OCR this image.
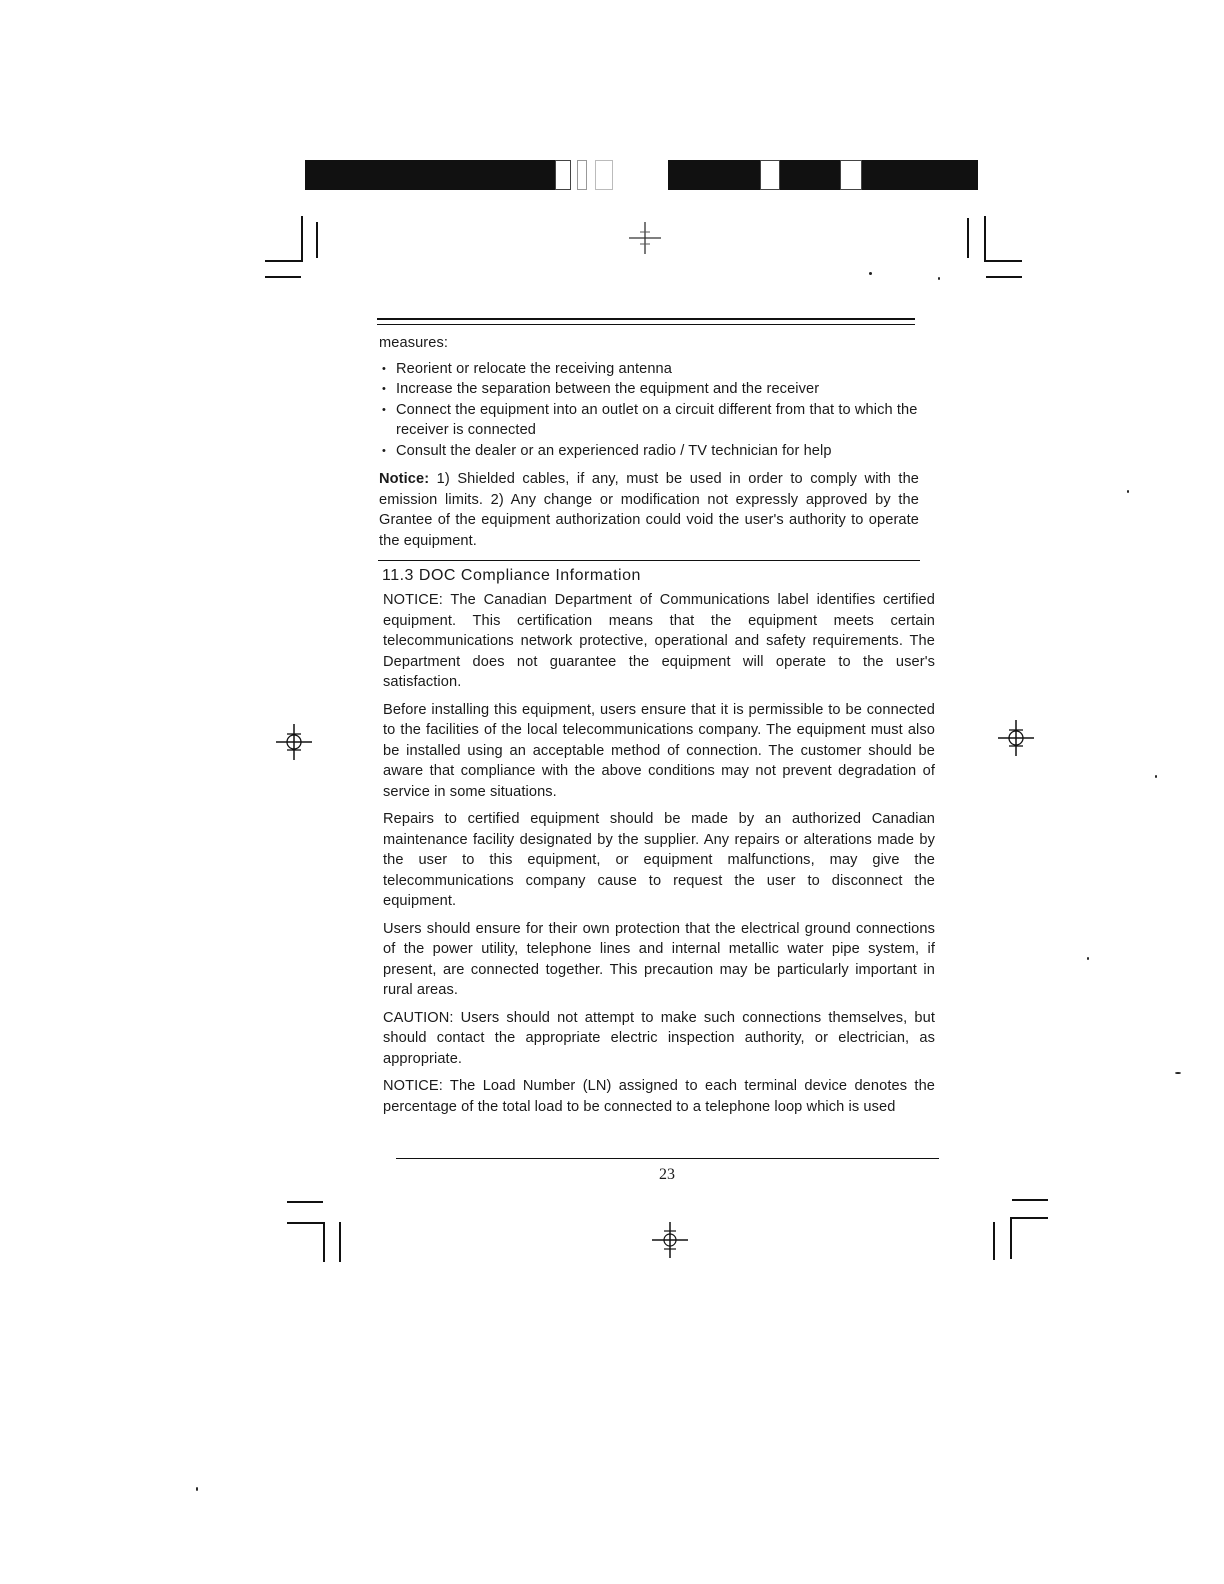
measures:
• Reorient or relocate the receiving antenna
• Increase the separation between the equipment and the receiver
• Connect the equipment into an outlet on a circuit different from that to which the receiver is connected
• Consult the dealer or an experienced radio / TV technician for help

Notice: 1) Shielded cables, if any, must be used in order to comply with the emission limits. 2) Any change or modification not expressly approved by the Grantee of the equipment authorization could void the user's authority to operate the equipment.

11.3 DOC Compliance Information

NOTICE: The Canadian Department of Communications label identifies certified equipment. This certification means that the equipment meets certain telecommunications network protective, operational and safety requirements. The Department does not guarantee the equipment will operate to the user's satisfaction.

Before installing this equipment, users ensure that it is permissible to be connected to the facilities of the local telecommunications company. The equipment must also be installed using an acceptable method of connection. The customer should be aware that compliance with the above conditions may not prevent degradation of service in some situations.

Repairs to certified equipment should be made by an authorized Canadian maintenance facility designated by the supplier. Any repairs or alterations made by the user to this equipment, or equipment malfunctions, may give the telecommunications company cause to request the user to disconnect the equipment.

Users should ensure for their own protection that the electrical ground connections of the power utility, telephone lines and internal metallic water pipe system, if present, are connected together. This precaution may be particularly important in rural areas.

CAUTION: Users should not attempt to make such connections themselves, but should contact the appropriate electric inspection authority, or electrician, as appropriate.

NOTICE: The Load Number (LN) assigned to each terminal device denotes the percentage of the total load to be connected to a telephone loop which is used

23
